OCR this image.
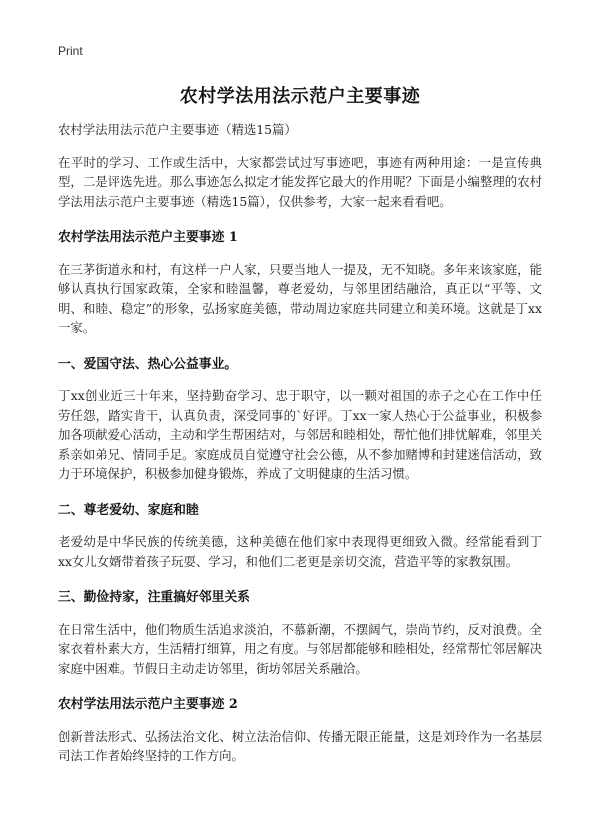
Print
农村学法用法示范户主要事迹

农村学法用法示范户主要事迹（精选15篇）

在平时的学习、工作或生活中，大家都尝试过写事迹吧，事迹有两种用途：一是宣传典型，二是评选先进。那么事迹怎么拟定才能发挥它最大的作用呢？下面是小编整理的农村学法用法示范户主要事迹（精选15篇），仅供参考，大家一起来看看吧。

农村学法用法示范户主要事迹 1

在三茅街道永和村，有这样一户人家，只要当地人一提及，无不知晓。多年来该家庭，能够认真执行国家政策，全家和睦温馨，尊老爱幼，与邻里团结融洽，真正以“平等、文明、和睦、稳定”的形象，弘扬家庭美德，带动周边家庭共同建立和美环境。这就是丁xx一家。

一、爱国守法、热心公益事业。

丁xx创业近三十年来，坚持勤奋学习、忠于职守，以一颗对祖国的赤子之心在工作中任劳任怨，踏实肯干，认真负责，深受同事的`好评。丁xx一家人热心于公益事业，积极参加各项献爱心活动，主动和学生帮困结对，与邻居和睦相处，帮忙他们排忧解难，邻里关系亲如弟兄、情同手足。家庭成员自觉遵守社会公德，从不参加赌博和封建迷信活动，致力于环境保护，积极参加健身锻炼，养成了文明健康的生活习惯。

二、尊老爱幼、家庭和睦

老爱幼是中华民族的传统美德，这种美德在他们家中表现得更细致入微。经常能看到丁xx女儿女婿带着孩子玩耍、学习，和他们二老更是亲切交流，营造平等的家教氛围。

三、勤俭持家，注重搞好邻里关系

在日常生活中，他们物质生活追求淡泊，不慕新潮，不摆阔气，崇尚节约，反对浪费。全家衣着朴素大方，生活精打细算，用之有度。与邻居都能够和睦相处，经常帮忙邻居解决家庭中困难。节假日主动走访邻里，街坊邻居关系融洽。

农村学法用法示范户主要事迹 2

创新普法形式、弘扬法治文化、树立法治信仰、传播无限正能量，这是刘玲作为一名基层司法工作者始终坚持的工作方向。
